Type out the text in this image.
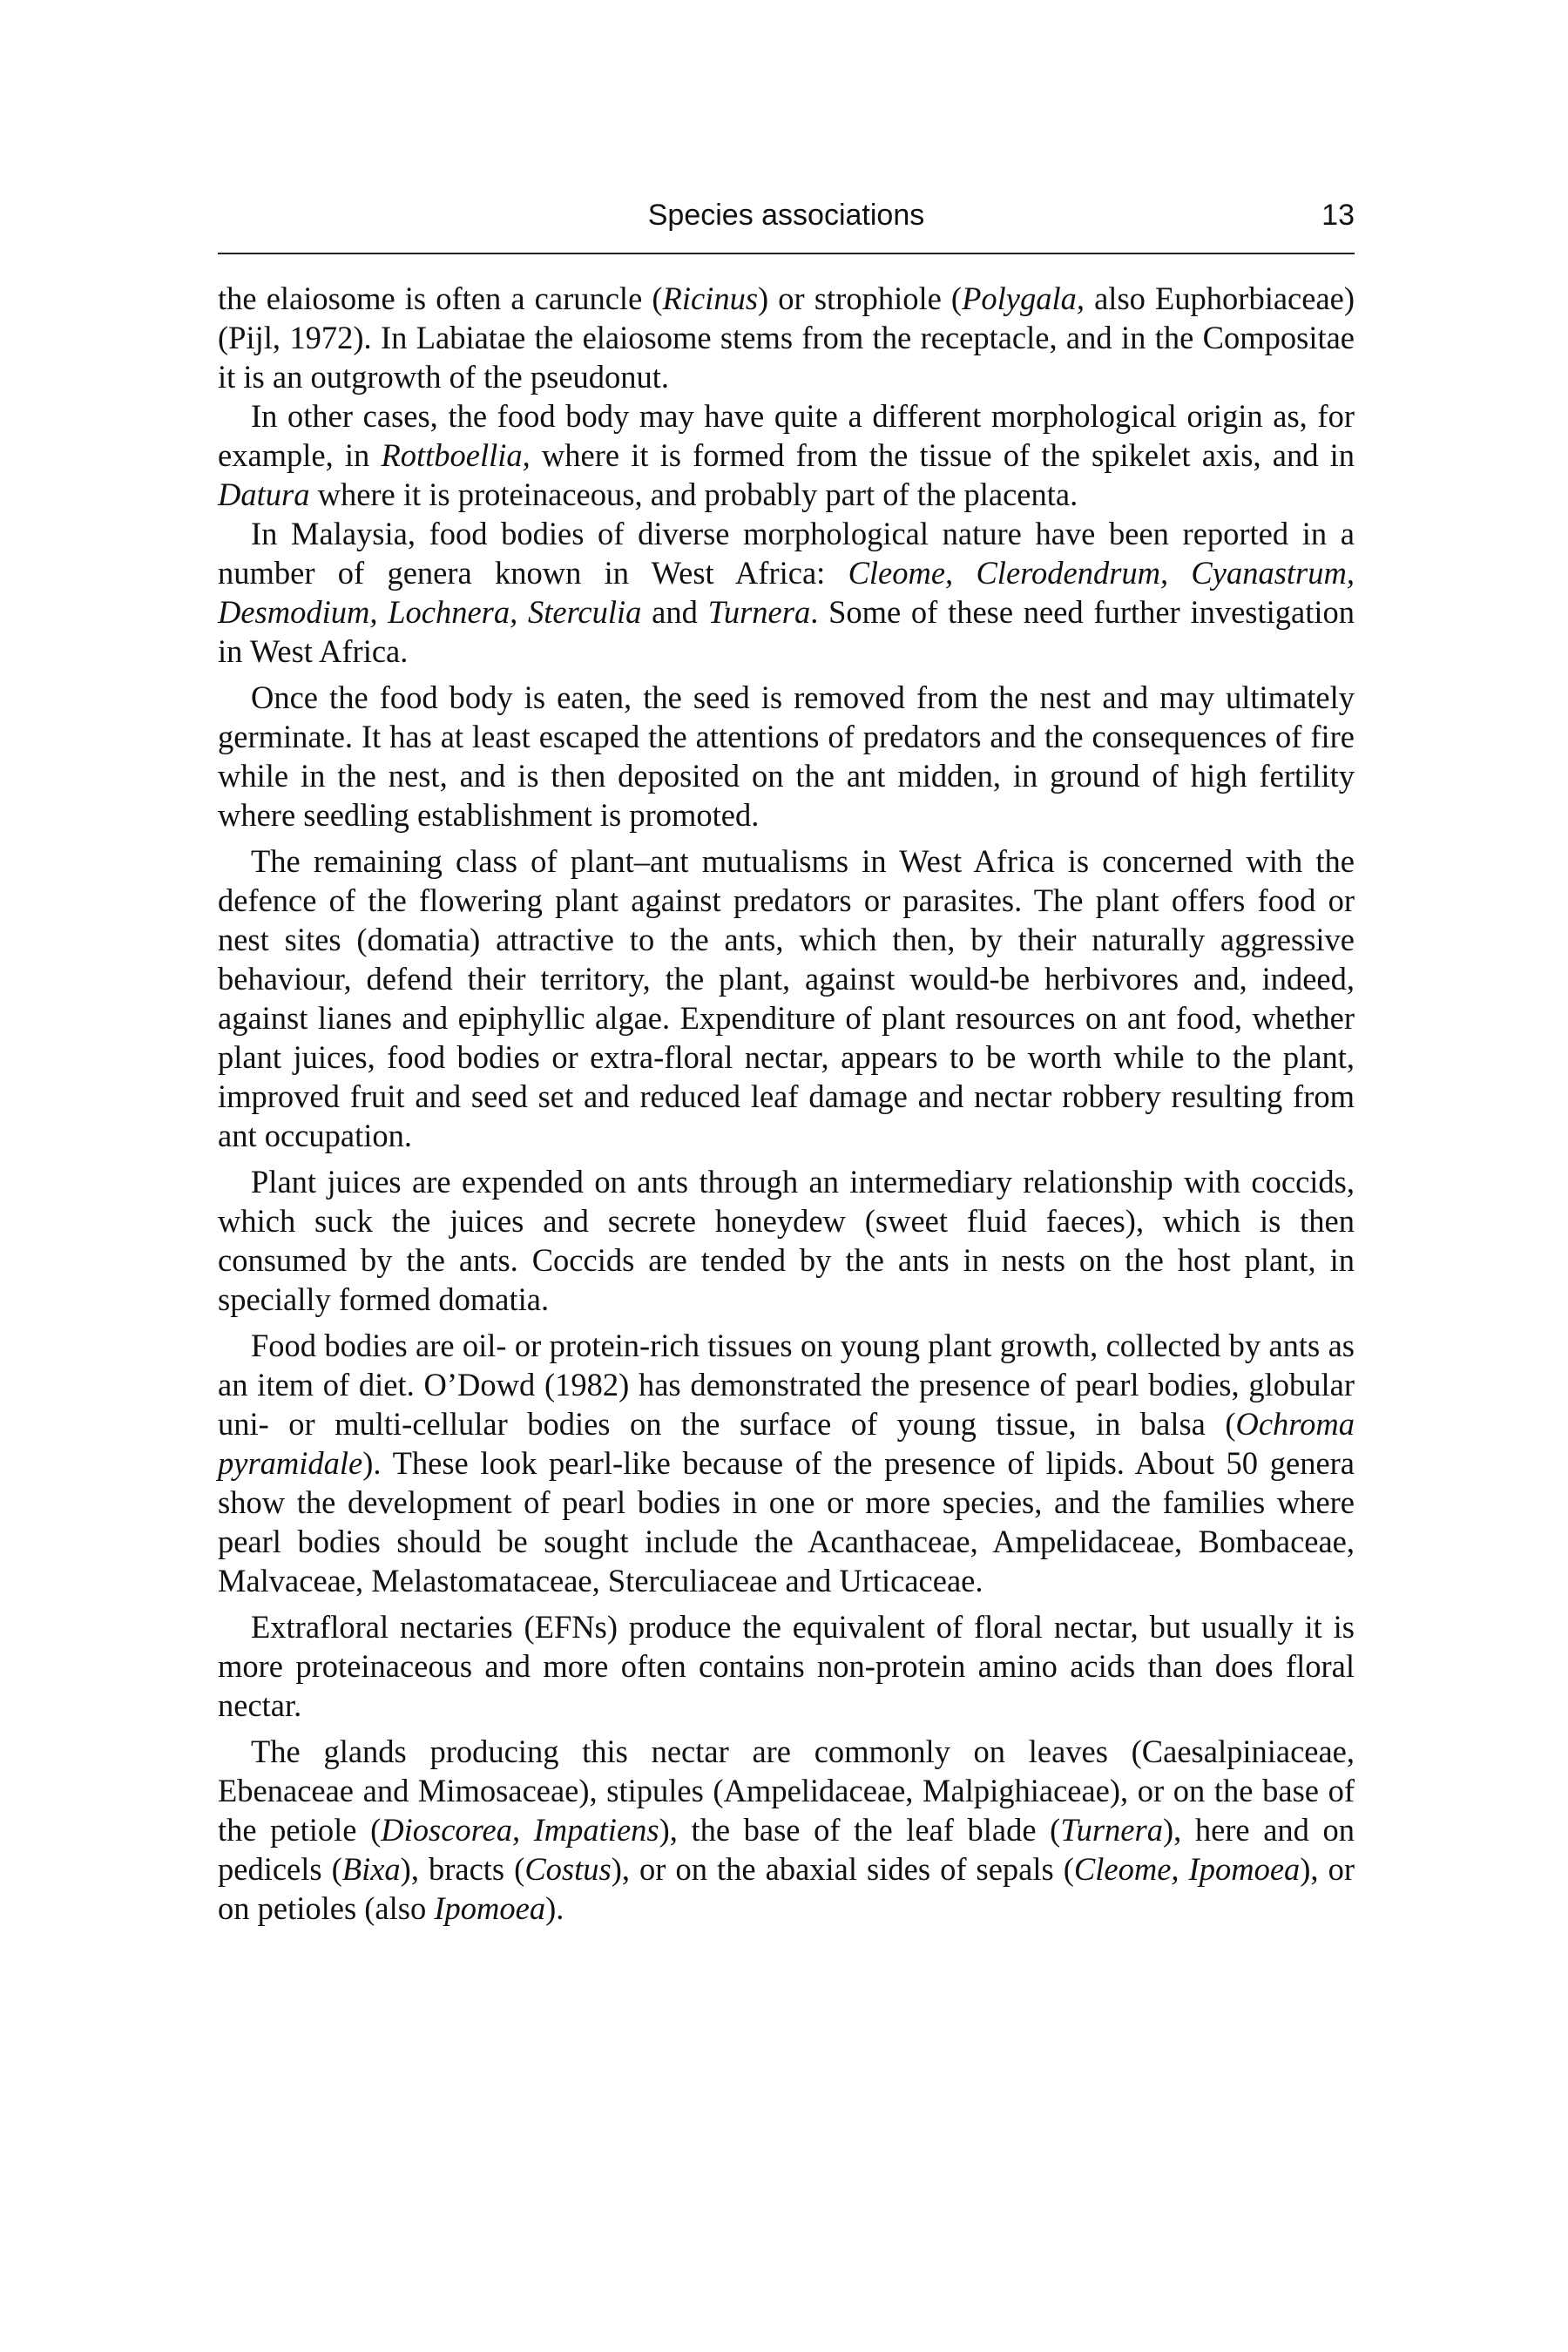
Species associations	13

the elaiosome is often a caruncle (Ricinus) or strophiole (Polygala, also Euphorbiaceae) (Pijl, 1972). In Labiatae the elaiosome stems from the receptacle, and in the Compositae it is an outgrowth of the pseudonut.

In other cases, the food body may have quite a different morphological origin as, for example, in Rottboellia, where it is formed from the tissue of the spikelet axis, and in Datura where it is proteinaceous, and probably part of the placenta.

In Malaysia, food bodies of diverse morphological nature have been reported in a number of genera known in West Africa: Cleome, Clerodendrum, Cyanastrum, Desmodium, Lochnera, Sterculia and Turnera. Some of these need further investigation in West Africa.

Once the food body is eaten, the seed is removed from the nest and may ultimately germinate. It has at least escaped the attentions of predators and the consequences of fire while in the nest, and is then deposited on the ant midden, in ground of high fertility where seedling establishment is promoted.

The remaining class of plant–ant mutualisms in West Africa is concerned with the defence of the flowering plant against predators or parasites. The plant offers food or nest sites (domatia) attractive to the ants, which then, by their naturally aggressive behaviour, defend their territory, the plant, against would-be herbivores and, indeed, against lianes and epiphyllic algae. Expenditure of plant resources on ant food, whether plant juices, food bodies or extra-floral nectar, appears to be worth while to the plant, improved fruit and seed set and reduced leaf damage and nectar robbery resulting from ant occupation.

Plant juices are expended on ants through an intermediary relationship with coccids, which suck the juices and secrete honeydew (sweet fluid faeces), which is then consumed by the ants. Coccids are tended by the ants in nests on the host plant, in specially formed domatia.

Food bodies are oil- or protein-rich tissues on young plant growth, collected by ants as an item of diet. O’Dowd (1982) has demonstrated the presence of pearl bodies, globular uni- or multi-cellular bodies on the surface of young tissue, in balsa (Ochroma pyramidale). These look pearl-like because of the presence of lipids. About 50 genera show the development of pearl bodies in one or more species, and the families where pearl bodies should be sought include the Acanthaceae, Ampelidaceae, Bombaceae, Malvaceae, Melastomataceae, Sterculiaceae and Urticaceae.

Extrafloral nectaries (EFNs) produce the equivalent of floral nectar, but usually it is more proteinaceous and more often contains non-protein amino acids than does floral nectar.

The glands producing this nectar are commonly on leaves (Caesalpiniaceae, Ebenaceae and Mimosaceae), stipules (Ampelidaceae, Malpighiaceae), or on the base of the petiole (Dioscorea, Impatiens), the base of the leaf blade (Turnera), here and on pedicels (Bixa), bracts (Costus), or on the abaxial sides of sepals (Cleome, Ipomoea), or on petioles (also Ipomoea).
